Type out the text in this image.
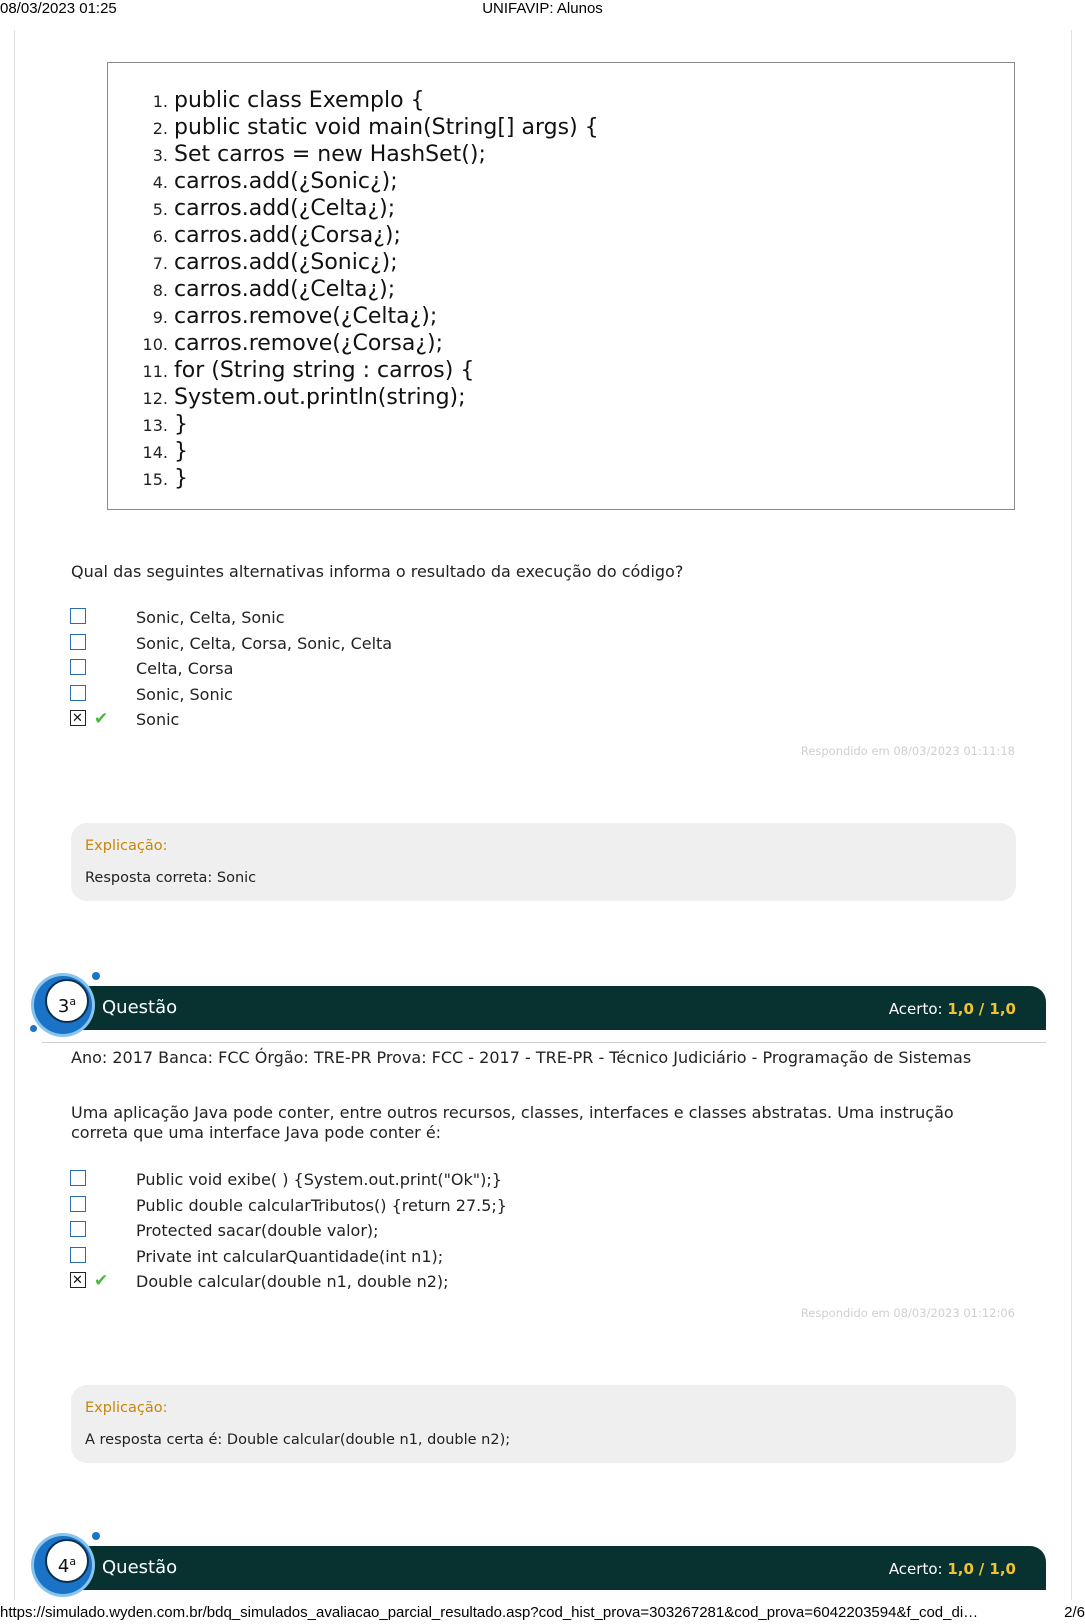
08/03/2023 01:25	UNIFAVIP: Alunos
1. public class Exemplo {
2. public static void main(String[] args) {
3. Set carros = new HashSet();
4. carros.add(¿Sonic¿);
5. carros.add(¿Celta¿);
6. carros.add(¿Corsa¿);
7. carros.add(¿Sonic¿);
8. carros.add(¿Celta¿);
9. carros.remove(¿Celta¿);
10. carros.remove(¿Corsa¿);
11. for (String string : carros) {
12. System.out.println(string);
13. }
14. }
15. }
Qual das seguintes alternativas informa o resultado da execução do código?
Sonic, Celta, Sonic
Sonic, Celta, Corsa, Sonic, Celta
Celta, Corsa
Sonic, Sonic
✕
✔ Sonic
Respondido em 08/03/2023 01:11:18
Explicação:
Resposta correta: Sonic
3$^a$	Questão	Acerto: 1,0 / 1,0
Ano: 2017 Banca: FCC Órgão: TRE-PR Prova: FCC - 2017 - TRE-PR - Técnico Judiciário - Programação de Sistemas
Uma aplicação Java pode conter, entre outros recursos, classes, interfaces e classes abstratas. Uma instrução correta que uma interface Java pode conter é:
Public void exibe( ) {System.out.print("Ok");}
Public double calcularTributos() {return 27.5;}
Protected sacar(double valor);
Private int calcularQuantidade(int n1);
✕
✔ Double calcular(double n1, double n2);
Respondido em 08/03/2023 01:12:06
Explicação:
A resposta certa é: Double calcular(double n1, double n2);
4$^a$	Questão	Acerto: 1,0 / 1,0
https://simulado.wyden.com.br/bdq_simulados_avaliacao_parcial_resultado.asp?cod_hist_prova=303267281&cod_prova=6042203594&f_cod_di…	2/6
